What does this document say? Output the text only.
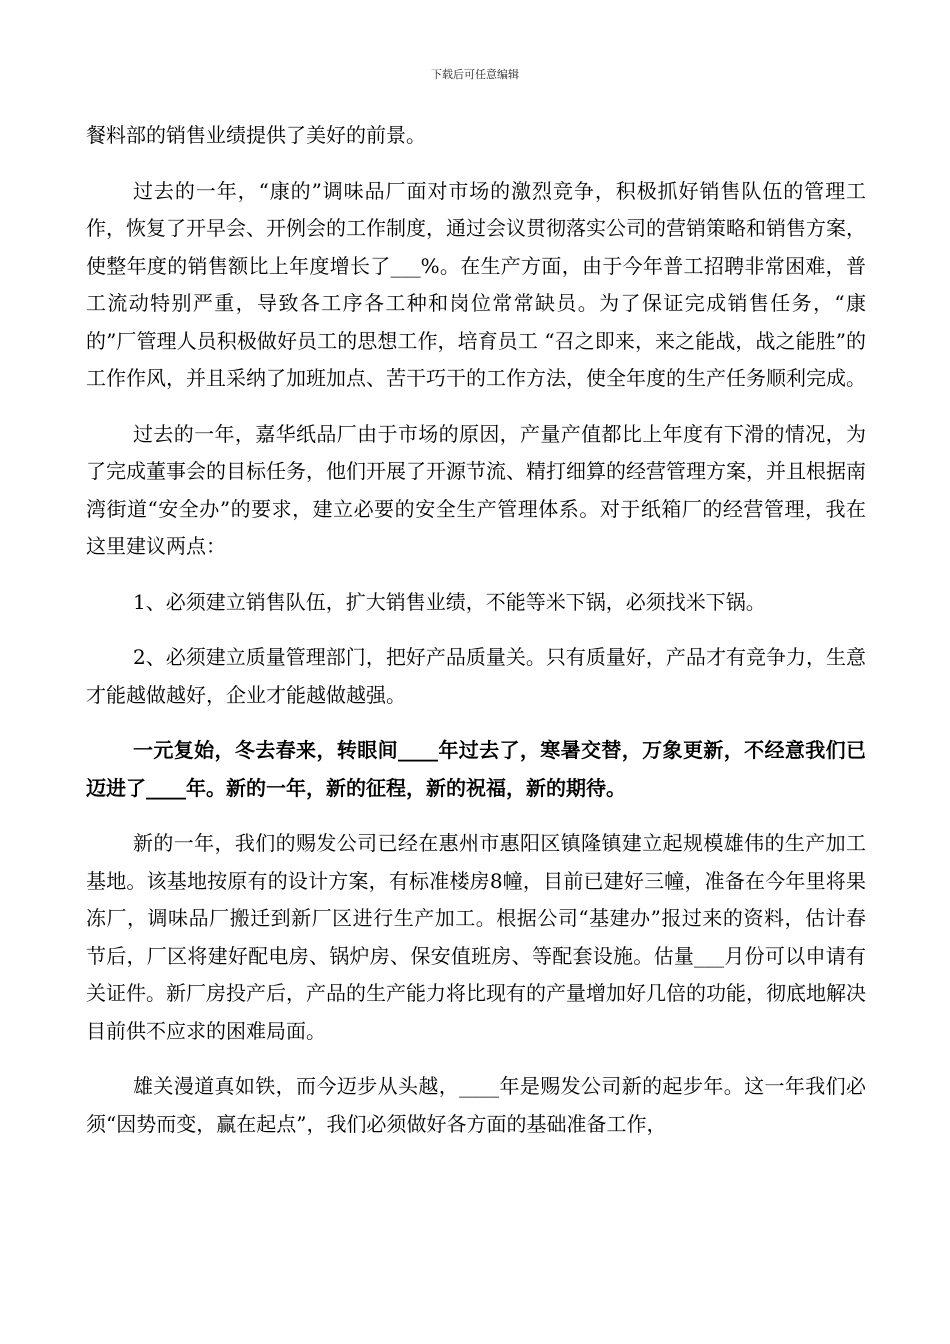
下载后可任意编辑

餐料部的销售业绩提供了美好的前景。

过去的一年，“康的”调味品厂面对市场的激烈竞争，积极抓好销售队伍的管理工作，恢复了开早会、开例会的工作制度，通过会议贯彻落实公司的营销策略和销售方案，使整年度的销售额比上年度增长了___%。在生产方面，由于今年普工招聘非常困难，普工流动特别严重，导致各工序各工种和岗位常常缺员。为了保证完成销售任务，“康的”厂管理人员积极做好员工的思想工作，培育员工 “召之即来，来之能战，战之能胜”的工作作风，并且采纳了加班加点、苦干巧干的工作方法，使全年度的生产任务顺利完成。

过去的一年，嘉华纸品厂由于市场的原因，产量产值都比上年度有下滑的情况，为了完成董事会的目标任务，他们开展了开源节流、精打细算的经营管理方案，并且根据南湾街道“安全办”的要求，建立必要的安全生产管理体系。对于纸箱厂的经营管理，我在这里建议两点：

1、必须建立销售队伍，扩大销售业绩，不能等米下锅，必须找米下锅。

2、必须建立质量管理部门，把好产品质量关。只有质量好，产品才有竞争力，生意才能越做越好，企业才能越做越强。

一元复始，冬去春来，转眼间____年过去了，寒暑交替，万象更新，不经意我们已迈进了____年。新的一年，新的征程，新的祝福，新的期待。

新的一年，我们的赐发公司已经在惠州市惠阳区镇隆镇建立起规模雄伟的生产加工基地。该基地按原有的设计方案，有标准楼房8幢，目前已建好三幢，准备在今年里将果冻厂，调味品厂搬迁到新厂区进行生产加工。根据公司“基建办”报过来的资料，估计春节后，厂区将建好配电房、锅炉房、保安值班房、等配套设施。估量___月份可以申请有关证件。新厂房投产后，产品的生产能力将比现有的产量增加好几倍的功能，彻底地解决目前供不应求的困难局面。

雄关漫道真如铁，而今迈步从头越，____年是赐发公司新的起步年。这一年我们必须“因势而变，赢在起点”，我们必须做好各方面的基础准备工作，
